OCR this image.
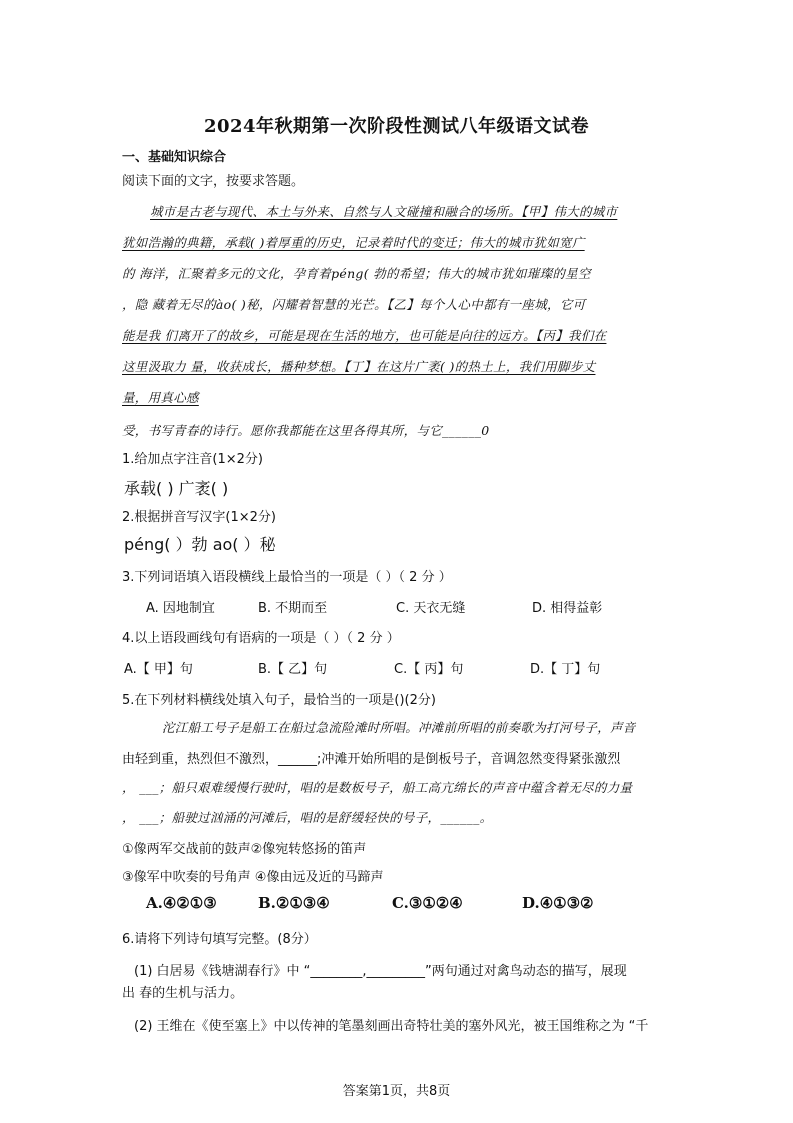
2024年秋期第一次阶段性测试八年级语文试卷
一、基础知识综合
阅读下面的文字，按要求答题。
城市是古老与现代、本土与外来、自然与人文碰撞和融合的场所。【甲】伟大的城市
犹如浩瀚的典籍，承载( )着厚重的历史，记录着时代的变迁；伟大的城市犹如宽广
的 海洋，汇聚着多元的文化，孕育着péng( 勃的希望；伟大的城市犹如璀璨的星空
，隐 藏着无尽的ào( )秘，闪耀着智慧的光芒。【乙】每个人心中都有一座城，它可
能是我 们离开了的故乡，可能是现在生活的地方，也可能是向往的远方。【丙】我们在
这里汲取力 量，收获成长，播种梦想。【丁】在这片广袤( )的热土上，我们用脚步丈
量，用真心感
受，书写青春的诗行。愿你我都能在这里各得其所，与它______0
1.给加点字注音(1×2分)
承载( ) 广袤( )
2.根据拼音写汉字(1×2分)
péng( ）勃 ao( ）秘
3.下列词语填入语段横线上最恰当的一项是（ ）（ 2 分 ）
A. 因地制宜	B. 不期而至	C. 天衣无缝	D. 相得益彰
4.以上语段画线句有语病的一项是（ ）（ 2 分 ）
A.【 甲】句	B.【 乙】句	C.【 丙】句	D.【 丁】句
5.在下列材料横线处填入句子，最恰当的一项是()(2分)
沱江船工号子是船工在船过急流险滩时所唱。冲滩前所唱的前奏歌为打河号子，声音
由轻到重，热烈但不激烈，______;冲滩开始所唱的是倒板号子，音调忽然变得紧张激烈
， ___；船只艰难缓慢行驶时，唱的是数板号子，船工高亢绵长的声音中蕴含着无尽的力量
， ___；船驶过汹涌的河滩后，唱的是舒缓轻快的号子，______。
①像两军交战前的鼓声②像宛转悠扬的笛声
③像军中吹奏的号角声 ④像由远及近的马蹄声
A.④②①③	B.②①③④	C.③①②④	D.④①③②
6.请将下列诗句填写完整。(8分）
(1) 白居易《钱塘湖春行》中 “________,_________”两句通过对禽鸟动态的描写，展现
出 春的生机与活力。
(2) 王维在《使至塞上》中以传神的笔墨刻画出奇特壮美的塞外风光，被王国维称之为 “千
答案第1页，共8页
